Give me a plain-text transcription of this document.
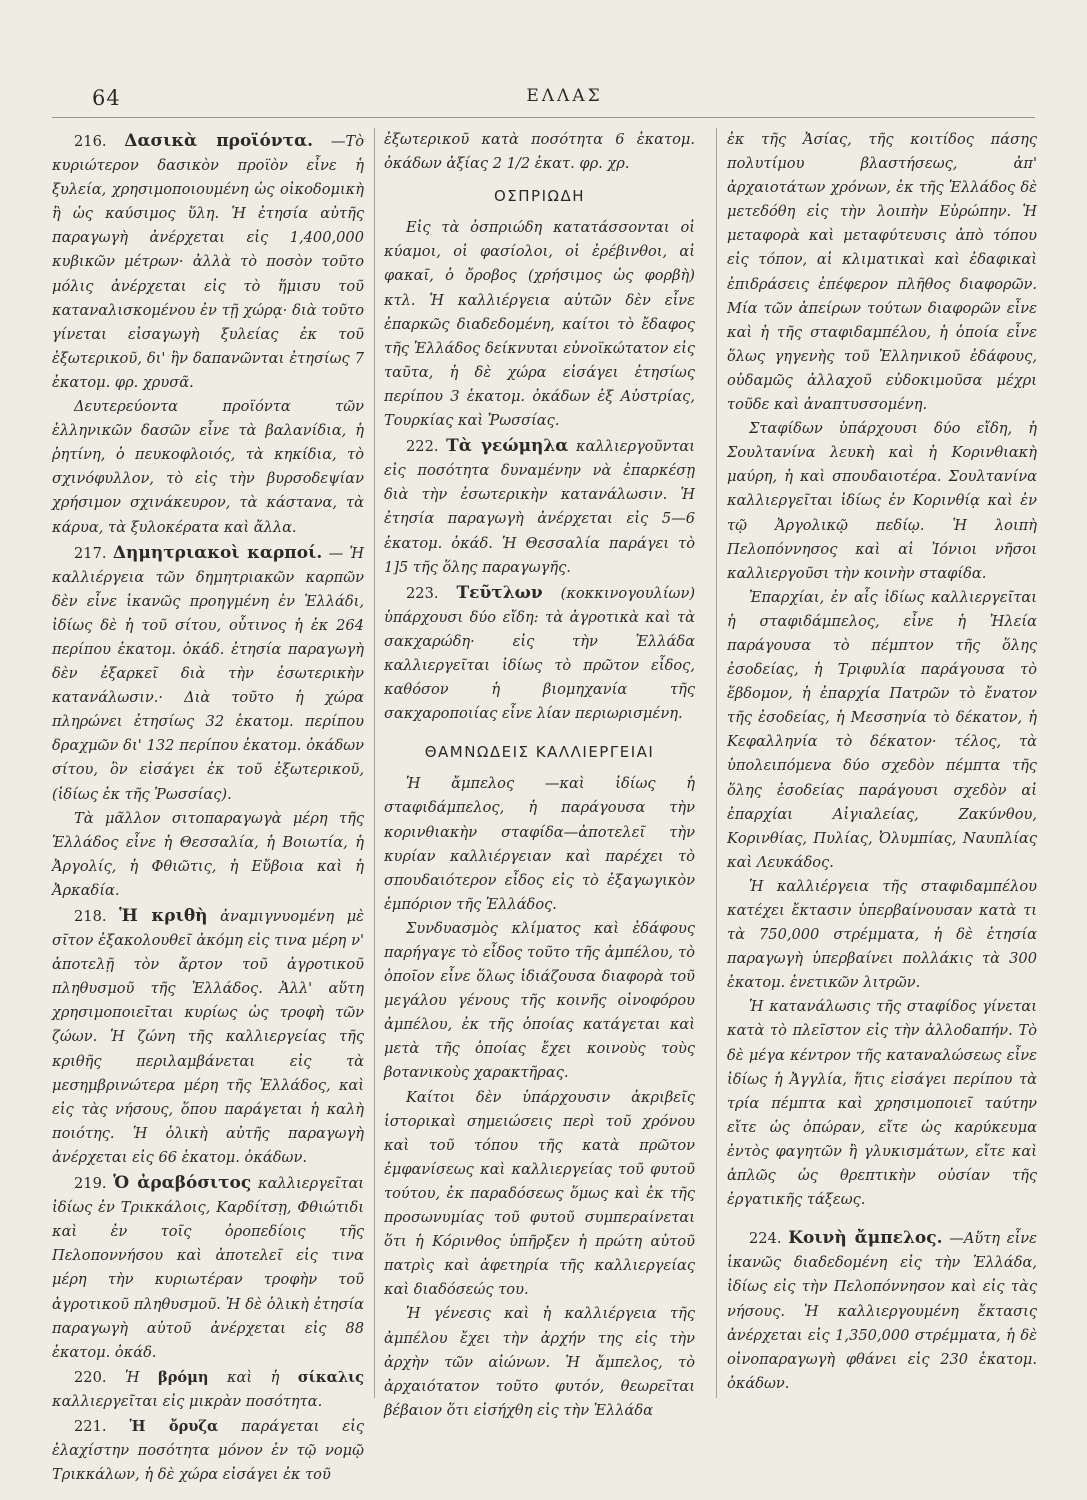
64	ΕΛΛΑΣ

216. Δασικὰ προϊόντα. —Τὸ κυριώτερον δασικὸν προϊὸν εἶνε ἡ ξυλεία, χρησιμοποιουμένη ὡς οἰκοδομικὴ ἢ ὡς καύσιμος ὕλη. Ἡ ἐτησία αὐτῆς παραγωγὴ ἀνέρχεται εἰς 1,400,000 κυβικῶν μέτρων· ἀλλὰ τὸ ποσὸν τοῦτο μόλις ἀνέρχεται εἰς τὸ ἥμισυ τοῦ καταναλισκομένου ἐν τῇ χώρᾳ· διὰ τοῦτο γίνεται εἰσαγωγὴ ξυλείας ἐκ τοῦ ἐξωτερικοῦ, δι' ἣν δαπανῶνται ἐτησίως 7 ἑκατομ. φρ. χρυσᾶ.

Δευτερεύοντα προϊόντα τῶν ἑλληνικῶν δασῶν εἶνε τὰ βαλανίδια, ἡ ῥητίνη, ὁ πευκοφλοιός, τὰ κηκίδια, τὸ σχινόφυλλον, τὸ εἰς τὴν βυρσοδεψίαν χρήσιμον σχινάκευρον, τὰ κάστανα, τὰ κάρυα, τὰ ξυλοκέρατα καὶ ἄλλα.

217. Δημητριακοὶ καρποί. — Ἡ καλλιέργεια τῶν δημητριακῶν καρπῶν δὲν εἶνε ἱκανῶς προηγμένη ἐν Ἑλλάδι, ἰδίως δὲ ἡ τοῦ σίτου, οὗτινος ἡ ἐκ 264 περίπου ἑκατομ. ὀκάδ. ἐτησία παραγωγὴ δὲν ἐξαρκεῖ διὰ τὴν ἐσωτερικὴν κατανάλωσιν.· Διὰ τοῦτο ἡ χώρα πληρώνει ἐτησίως 32 ἑκατομ. περίπου δραχμῶν δι' 132 περίπου ἑκατομ. ὀκάδων σίτου, ὃν εἰσάγει ἐκ τοῦ ἐξωτερικοῦ, (ἰδίως ἐκ τῆς Ῥωσσίας).

Τὰ μᾶλλον σιτοπαραγωγὰ μέρη τῆς Ἑλλάδος εἶνε ἡ Θεσσαλία, ἡ Βοιωτία, ἡ Ἀργολίς, ἡ Φθιῶτις, ἡ Εὔβοια καὶ ἡ Ἀρκαδία.

218. Ἡ κριθὴ ἀναμιγνυομένη μὲ σῖτον ἐξακολουθεῖ ἀκόμη εἰς τινα μέρη ν' ἀποτελῇ τὸν ἄρτον τοῦ ἀγροτικοῦ πληθυσμοῦ τῆς Ἑλλάδος. Ἀλλ' αὕτη χρησιμοποιεῖται κυρίως ὡς τροφὴ τῶν ζώων. Ἡ ζώνη τῆς καλλιεργείας τῆς κριθῆς περιλαμβάνεται εἰς τὰ μεσημβρινώτερα μέρη τῆς Ἑλλάδος, καὶ εἰς τὰς νήσους, ὅπου παράγεται ἡ καλὴ ποιότης. Ἡ ὁλικὴ αὐτῆς παραγωγὴ ἀνέρχεται εἰς 66 ἑκατομ. ὀκάδων.

219. Ὁ ἀραβόσιτος καλλιεργεῖται ἰδίως ἐν Τρικκάλοις, Καρδίτσῃ, Φθιώτιδι καὶ ἐν τοῖς ὀροπεδίοις τῆς Πελοποννήσου καὶ ἀποτελεῖ εἰς τινα μέρη τὴν κυριωτέραν τροφὴν τοῦ ἀγροτικοῦ πληθυσμοῦ. Ἡ δὲ ὁλικὴ ἐτησία παραγωγὴ αὐτοῦ ἀνέρχεται εἰς 88 ἑκατομ. ὀκάδ.

220. Ἡ βρόμη καὶ ἡ σίκαλις καλλιεργεῖται εἰς μικρὰν ποσότητα.

221. Ἡ ὄρυζα παράγεται εἰς ἐλαχίστην ποσότητα μόνον ἐν τῷ νομῷ Τρικκάλων, ἡ δὲ χώρα εἰσάγει ἐκ τοῦ

ἐξωτερικοῦ κατὰ ποσότητα 6 ἑκατομ. ὀκάδων ἀξίας 2 1/2 ἑκατ. φρ. χρ.

ΟΣΠΡΙΩΔΗ

Εἰς τὰ ὀσπριώδη κατατάσσονται οἱ κύαμοι, οἱ φασίολοι, οἱ ἐρέβινθοι, αἱ φακαῖ, ὁ ὄροβος (χρήσιμος ὡς φορβὴ) κτλ. Ἡ καλλιέργεια αὐτῶν δὲν εἶνε ἐπαρκῶς διαδεδομένη, καίτοι τὸ ἔδαφος τῆς Ἑλλάδος δείκνυται εὐνοϊκώτατον εἰς ταῦτα, ἡ δὲ χώρα εἰσάγει ἐτησίως περίπου 3 ἑκατομ. ὀκάδων ἐξ Αὐστρίας, Τουρκίας καὶ Ῥωσσίας.

222. Τὰ γεώμηλα καλλιεργοῦνται εἰς ποσότητα δυναμένην νὰ ἐπαρκέσῃ διὰ τὴν ἐσωτερικὴν κατανάλωσιν. Ἡ ἐτησία παραγωγὴ ἀνέρχεται εἰς 5—6 ἑκατομ. ὀκάδ. Ἡ Θεσσαλία παράγει τὸ 1]5 τῆς ὅλης παραγωγῆς.

223. Τεῦτλων (κοκκινογουλίων) ὑπάρχουσι δύο εἴδη: τὰ ἀγροτικὰ καὶ τὰ σακχαρώδη· εἰς τὴν Ἑλλάδα καλλιεργεῖται ἰδίως τὸ πρῶτον εἶδος, καθόσον ἡ βιομηχανία τῆς σακχαροποιίας εἶνε λίαν περιωρισμένη.

ΘΑΜΝΩΔΕΙΣ ΚΑΛΛΙΕΡΓΕΙΑΙ

Ἡ ἄμπελος —καὶ ἰδίως ἡ σταφιδάμπελος, ἡ παράγουσα τὴν κορινθιακὴν σταφίδα—ἀποτελεῖ τὴν κυρίαν καλλιέργειαν καὶ παρέχει τὸ σπουδαιότερον εἶδος εἰς τὸ ἐξαγωγικὸν ἐμπόριον τῆς Ἑλλάδος.

Συνδυασμὸς κλίματος καὶ ἐδάφους παρήγαγε τὸ εἶδος τοῦτο τῆς ἀμπέλου, τὸ ὁποῖον εἶνε ὅλως ἰδιάζουσα διαφορὰ τοῦ μεγάλου γένους τῆς κοινῆς οἰνοφόρου ἀμπέλου, ἐκ τῆς ὁποίας κατάγεται καὶ μετὰ τῆς ὁποίας ἔχει κοινοὺς τοὺς βοτανικοὺς χαρακτῆρας.

Καίτοι δὲν ὑπάρχουσιν ἀκριβεῖς ἱστορικαὶ σημειώσεις περὶ τοῦ χρόνου καὶ τοῦ τόπου τῆς κατὰ πρῶτον ἐμφανίσεως καὶ καλλιεργείας τοῦ φυτοῦ τούτου, ἐκ παραδόσεως ὅμως καὶ ἐκ τῆς προσωνυμίας τοῦ φυτοῦ συμπεραίνεται ὅτι ἡ Κόρινθος ὑπῆρξεν ἡ πρώτη αὐτοῦ πατρὶς καὶ ἀφετηρία τῆς καλλιεργείας καὶ διαδόσεώς του.

Ἡ γένεσις καὶ ἡ καλλιέργεια τῆς ἀμπέλου ἔχει τὴν ἀρχήν της εἰς τὴν ἀρχὴν τῶν αἰώνων. Ἡ ἄμπελος, τὸ ἀρχαιότατον τοῦτο φυτόν, θεωρεῖται βέβαιον ὅτι εἰσήχθη εἰς τὴν Ἑλλάδα

ἐκ τῆς Ἀσίας, τῆς κοιτίδος πάσης πολυτίμου βλαστήσεως, ἀπ' ἀρχαιοτάτων χρόνων, ἐκ τῆς Ἑλλάδος δὲ μετεδόθη εἰς τὴν λοιπὴν Εὐρώπην. Ἡ μεταφορὰ καὶ μεταφύτευσις ἀπὸ τόπου εἰς τόπον, αἱ κλιματικαὶ καὶ ἐδαφικαὶ ἐπιδράσεις ἐπέφερον πλῆθος διαφορῶν. Μία τῶν ἀπείρων τούτων διαφορῶν εἶνε καὶ ἡ τῆς σταφιδαμπέλου, ἡ ὁποία εἶνε ὅλως γηγενὴς τοῦ Ἑλληνικοῦ ἐδάφους, οὐδαμῶς ἀλλαχοῦ εὐδοκιμοῦσα μέχρι τοῦδε καὶ ἀναπτυσσομένη.

Σταφίδων ὑπάρχουσι δύο εἴδη, ἡ Σουλτανίνα λευκὴ καὶ ἡ Κορινθιακὴ μαύρη, ἡ καὶ σπουδαιοτέρα. Σουλτανίνα καλλιεργεῖται ἰδίως ἐν Κορινθίᾳ καὶ ἐν τῷ Ἀργολικῷ πεδίῳ. Ἡ λοιπὴ Πελοπόννησος καὶ αἱ Ἰόνιοι νῆσοι καλλιεργοῦσι τὴν κοινὴν σταφίδα.

Ἐπαρχίαι, ἐν αἷς ἰδίως καλλιεργεῖται ἡ σταφιδάμπελος, εἶνε ἡ Ἠλεία παράγουσα τὸ πέμπτον τῆς ὅλης ἐσοδείας, ἡ Τριφυλία παράγουσα τὸ ἕβδομον, ἡ ἐπαρχία Πατρῶν τὸ ἔνατον τῆς ἐσοδείας, ἡ Μεσσηνία τὸ δέκατον, ἡ Κεφαλληνία τὸ δέκατον· τέλος, τὰ ὑπολειπόμενα δύο σχεδὸν πέμπτα τῆς ὅλης ἐσοδείας παράγουσι σχεδὸν αἱ ἐπαρχίαι Αἰγιαλείας, Ζακύνθου, Κορινθίας, Πυλίας, Ὀλυμπίας, Ναυπλίας καὶ Λευκάδος.

Ἡ καλλιέργεια τῆς σταφιδαμπέλου κατέχει ἔκτασιν ὑπερβαίνουσαν κατὰ τι τὰ 750,000 στρέμματα, ἡ δὲ ἐτησία παραγωγὴ ὑπερβαίνει πολλάκις τὰ 300 ἑκατομ. ἑνετικῶν λιτρῶν.

Ἡ κατανάλωσις τῆς σταφίδος γίνεται κατὰ τὸ πλεῖστον εἰς τὴν ἀλλοδαπήν. Τὸ δὲ μέγα κέντρον τῆς καταναλώσεως εἶνε ἰδίως ἡ Ἀγγλία, ἥτις εἰσάγει περίπου τὰ τρία πέμπτα καὶ χρησιμοποιεῖ ταύτην εἴτε ὡς ὀπώραν, εἴτε ὡς καρύκευμα ἐντὸς φαγητῶν ἢ γλυκισμάτων, εἴτε καὶ ἁπλῶς ὡς θρεπτικὴν οὐσίαν τῆς ἐργατικῆς τάξεως.

224. Κοινὴ ἄμπελος. —Αὕτη εἶνε ἱκανῶς διαδεδομένη εἰς τὴν Ἑλλάδα, ἰδίως εἰς τὴν Πελοπόννησον καὶ εἰς τὰς νήσους. Ἡ καλλιεργουμένη ἔκτασις ἀνέρχεται εἰς 1,350,000 στρέμματα, ἡ δὲ οἰνοπαραγωγὴ φθάνει εἰς 230 ἑκατομ. ὀκάδων.
